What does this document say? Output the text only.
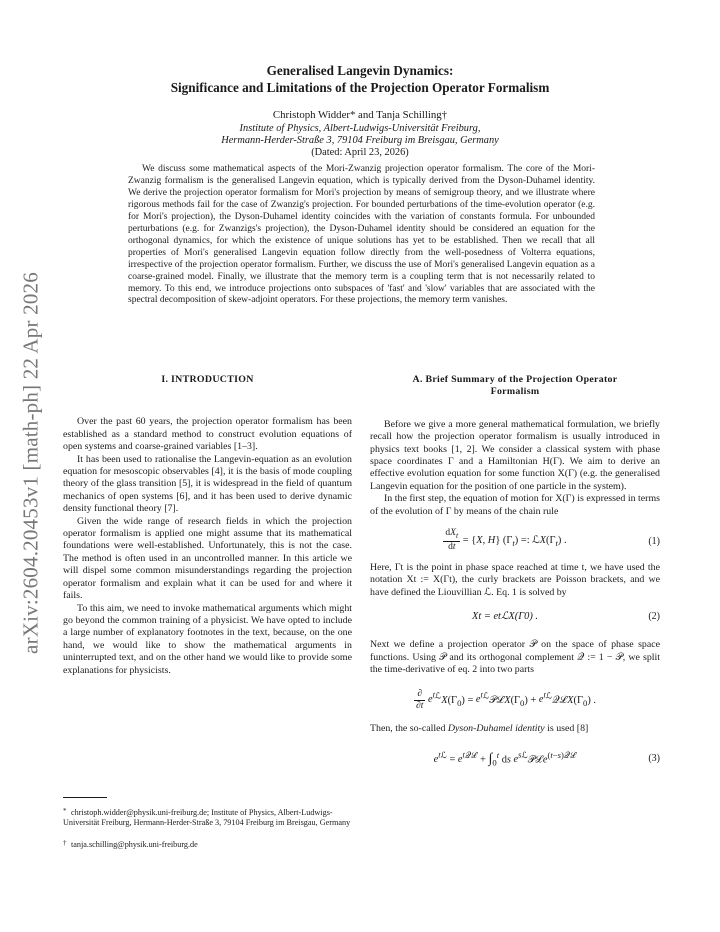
arXiv:2604.20453v1 [math-ph] 22 Apr 2026
Generalised Langevin Dynamics:
Significance and Limitations of the Projection Operator Formalism
Christoph Widder* and Tanja Schilling†
Institute of Physics, Albert-Ludwigs-Universität Freiburg,
Hermann-Herder-Straße 3, 79104 Freiburg im Breisgau, Germany
(Dated: April 23, 2026)

We discuss some mathematical aspects of the Mori-Zwanzig projection operator formalism. The core of the Mori-Zwanzig formalism is the generalised Langevin equation, which is typically derived from the Dyson-Duhamel identity. We derive the projection operator formalism for Mori's projection by means of semigroup theory, and we illustrate where rigorous methods fail for the case of Zwanzig's projection. For bounded perturbations of the time-evolution operator (e.g. for Mori's projection), the Dyson-Duhamel identity coincides with the variation of constants formula. For unbounded perturbations (e.g. for Zwanzigs's projection), the Dyson-Duhamel identity should be considered an equation for the orthogonal dynamics, for which the existence of unique solutions has yet to be established. Then we recall that all properties of Mori's generalised Langevin equation follow directly from the well-posedness of Volterra equations, irrespective of the projection operator formalism. Further, we discuss the use of Mori's generalised Langevin equation as a coarse-grained model. Finally, we illustrate that the memory term is a coupling term that is not necessarily related to memory. To this end, we introduce projections onto subspaces of 'fast' and 'slow' variables that are associated with the spectral decomposition of skew-adjoint operators. For these projections, the memory term vanishes.

I. INTRODUCTION

Over the past 60 years, the projection operator formalism has been established as a standard method to construct evolution equations of open systems and coarse-grained variables [1–3].

It has been used to rationalise the Langevin-equation as an evolution equation for mesoscopic observables [4], it is the basis of mode coupling theory of the glass transition [5], it is widespread in the field of quantum mechanics of open systems [6], and it has been used to derive dynamic density functional theory [7].

Given the wide range of research fields in which the projection operator formalism is applied one might assume that its mathematical foundations were well-established. Unfortunately, this is not the case. The method is often used in an uncontrolled manner. In this article we will dispel some common misunderstandings regarding the projection operator formalism and explain what it can be used for and where it fails.

To this aim, we need to invoke mathematical arguments which might go beyond the common training of a physicist. We have opted to include a large number of explanatory footnotes in the text, because, on the one hand, we would like to show the mathematical arguments in uninterrupted text, and on the other hand we would like to provide some explanations for physicists.

* christoph.widder@physik.uni-freiburg.de; Institute of Physics, Albert-Ludwigs-Universität Freiburg, Hermann-Herder-Straße 3, 79104 Freiburg im Breisgau, Germany
† tanja.schilling@physik.uni-freiburg.de
A. Brief Summary of the Projection Operator
Formalism

Before we give a more general mathematical formulation, we briefly recall how the projection operator formalism is usually introduced in physics text books [1, 2]. We consider a classical system with phase space coordinates Γ and a Hamiltonian H(Γ). We aim to derive an effective evolution equation for some function X(Γ) (e.g. the generalised Langevin equation for the position of one particle in the system).

In the first step, the equation of motion for X(Γ) is expressed in terms of the evolution of Γ by means of the chain rule

$\frac{dX_t}{dt} = \{X$, H} $(\Gamma_t)$ =: $ℒX(\Gamma_t)$ .	(1)

Here, Γt is the point in phase space reached at time t, we have used the notation Xt := X(Γt), the curly brackets are Poisson brackets, and we have defined the Liouvillian ℒ. Eq. 1 is solved by

Xt = etℒX(Γ0) .	(2)

Next we define a projection operator 𝒫 on the space of phase space functions. Using 𝒫 and its orthogonal complement 𝒬 := 1 − 𝒫, we split the time-derivative of eq. 2 into two parts

$\frac{\partial}{\partial t} e^{tℒ}X(\Gamma_0)$ = $e^{tℒ}𝒫ℒX(\Gamma_0)$ + $e^{tℒ}𝒬ℒX(\Gamma_0)$ .

Then, the so-called Dyson-Duhamel identity is used [8]

$e^{tℒ} = e^{t𝒬ℒ} + \int_0^t$ ds $e^{sℒ}𝒫ℒe^{(t-s)𝒬ℒ}$	(3)
